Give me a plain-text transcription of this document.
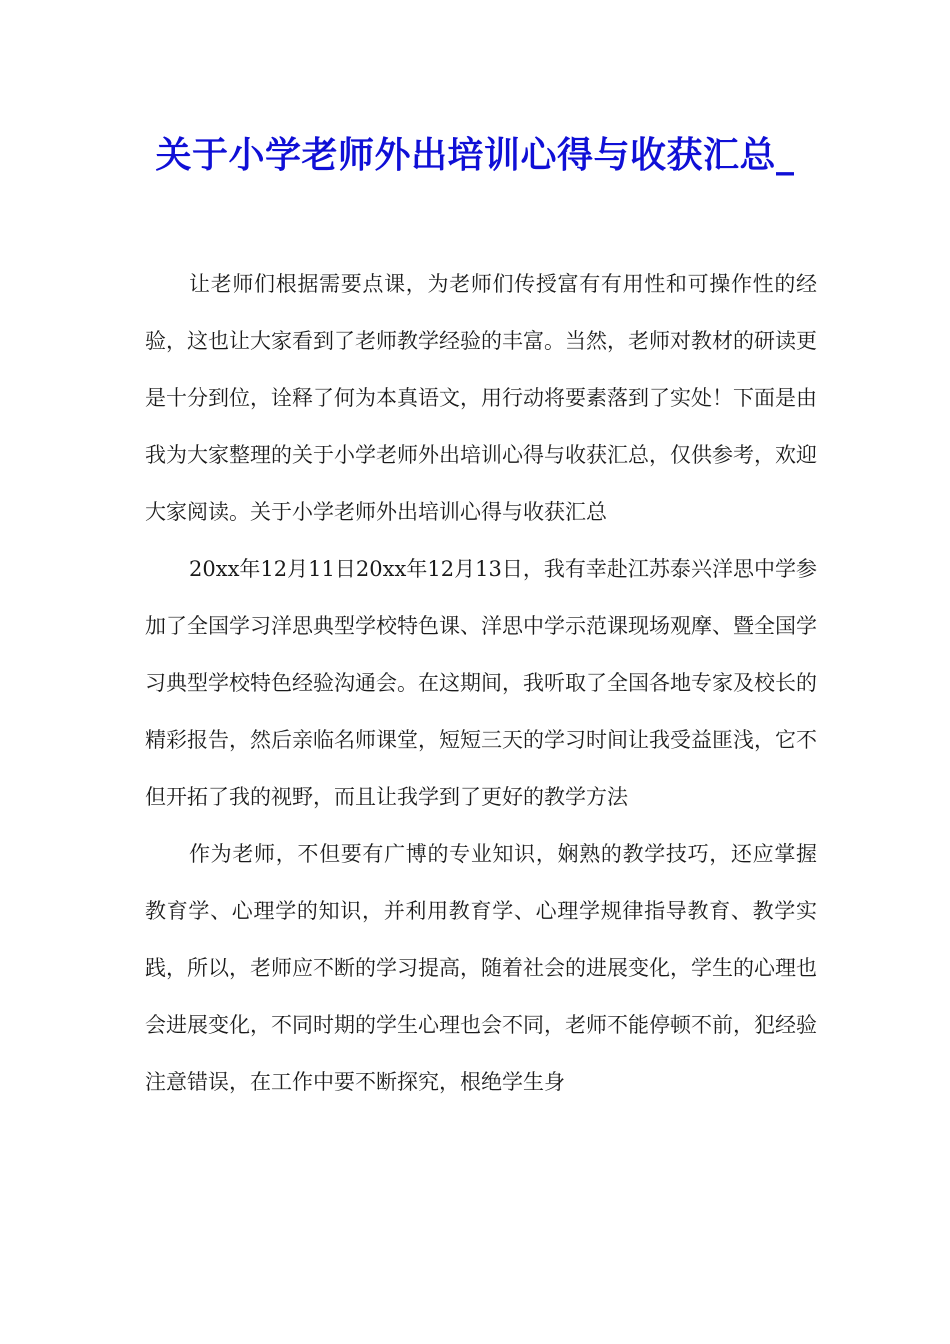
关于小学老师外出培训心得与收获汇总_

让老师们根据需要点课，为老师们传授富有有用性和可操作性的经验，这也让大家看到了老师教学经验的丰富。当然，老师对教材的研读更是十分到位，诠释了何为本真语文，用行动将要素落到了实处！下面是由我为大家整理的关于小学老师外出培训心得与收获汇总，仅供参考，欢迎大家阅读。关于小学老师外出培训心得与收获汇总

20xx年12月11日20xx年12月13日，我有幸赴江苏泰兴洋思中学参加了全国学习洋思典型学校特色课、洋思中学示范课现场观摩、暨全国学习典型学校特色经验沟通会。在这期间，我听取了全国各地专家及校长的精彩报告，然后亲临名师课堂，短短三天的学习时间让我受益匪浅，它不但开拓了我的视野，而且让我学到了更好的教学方法

作为老师，不但要有广博的专业知识，娴熟的教学技巧，还应掌握教育学、心理学的知识，并利用教育学、心理学规律指导教育、教学实践，所以，老师应不断的学习提高，随着社会的进展变化，学生的心理也会进展变化，不同时期的学生心理也会不同，老师不能停顿不前，犯经验注意错误，在工作中要不断探究，根绝学生身
